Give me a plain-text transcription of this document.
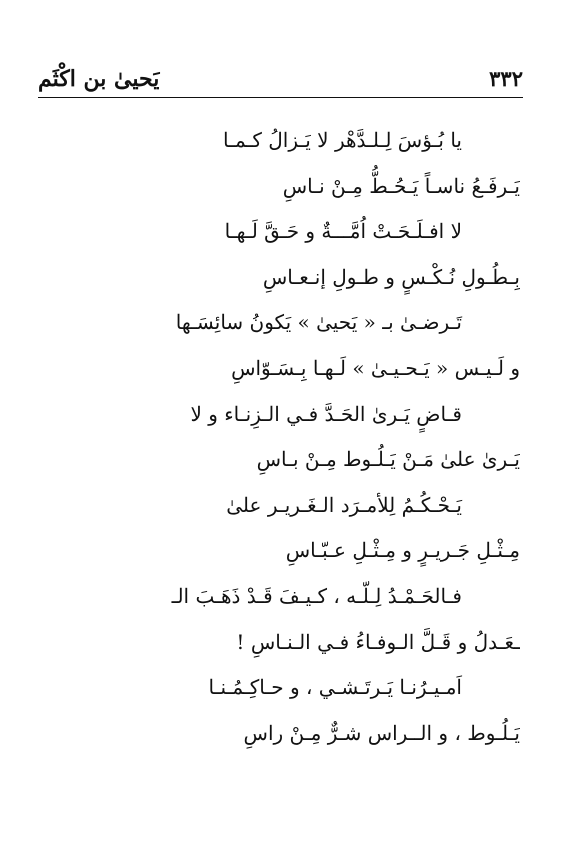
٣٣٢
يَحيىٰ بن اكْثَم
يا بُـؤسَ لِـلـدَّهْر لا يَـزالُ كـمـا
يَـرفَـعُ ناسـاً يَـحُـطُّ مِـنْ نـاسِ
لا افـلَـحَـتْ اُمَّـــةٌ و حَـقَّ لَـهـا
بِـطُـولِ نُـكْـسٍ و طـولِ إنـعـاسِ
تَـرضـىٰ بـ « يَحيىٰ » يَكونُ سائِسَـها
و لَـيـس « يَـحـيـىٰ » لَـهـا بِـسَـوّاسِ
قـاضٍ يَـرىٰ الحَـدَّ فـي الـزِنـاء و لا
يَـرىٰ علىٰ مَـنْ يَـلُـوط مِـنْ بـاسِ
يَـحْـكُـمُ لِلأمـرَد الـغَـريـر علىٰ
مِـثْـلِ جَـريـرٍ و مِـثْـلِ عـبّـاسِ
فـالحَـمْـدُ لِـلّـه ، كـيـفَ قَـدْ ذَهَـبَ الـ
ـعَـدلُ و قَـلَّ الـوفـاءُ فـي الـنـاسِ !
اَمـيـرُنـا يَـرتَـشـي ، و حـاكِـمُـنـا
يَـلُـوط ، و الــراس شـرٌّ مِـنْ راسِ
